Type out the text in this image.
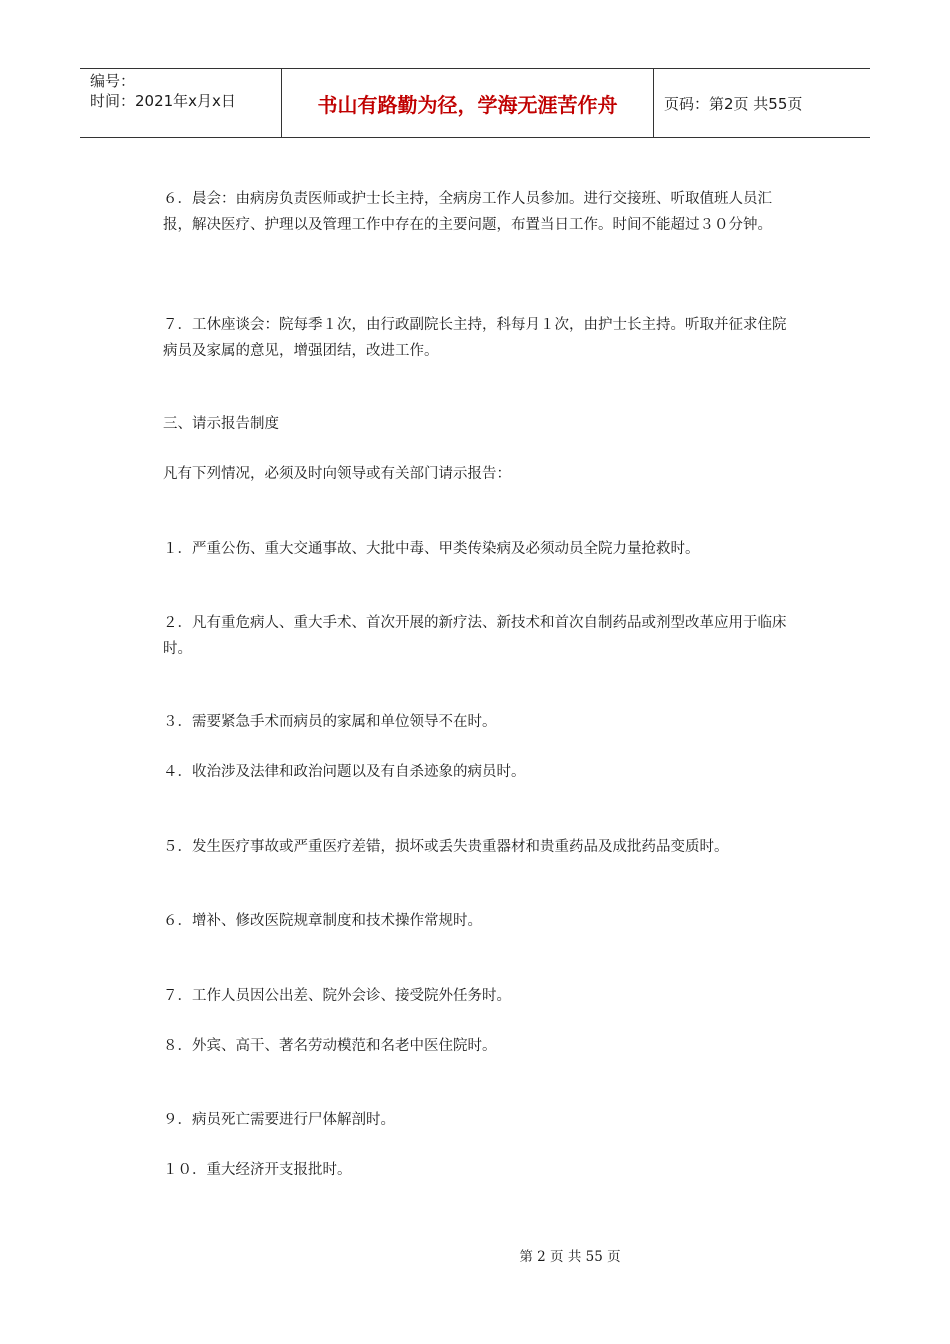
编号：
时间：2021年x月x日	书山有路勤为径，学海无涯苦作舟	页码：第2页 共55页

６．晨会：由病房负责医师或护士长主持，全病房工作人员参加。进行交接班、听取值班人员汇报，解决医疗、护理以及管理工作中存在的主要问题，布置当日工作。时间不能超过３０分钟。

７．工休座谈会：院每季１次，由行政副院长主持，科每月１次，由护士长主持。听取并征求住院病员及家属的意见，增强团结，改进工作。

三、请示报告制度

凡有下列情况，必须及时向领导或有关部门请示报告：

１．严重公伤、重大交通事故、大批中毒、甲类传染病及必须动员全院力量抢救时。

２．凡有重危病人、重大手术、首次开展的新疗法、新技术和首次自制药品或剂型改革应用于临床时。

３．需要紧急手术而病员的家属和单位领导不在时。

４．收治涉及法律和政治问题以及有自杀迹象的病员时。

５．发生医疗事故或严重医疗差错，损坏或丢失贵重器材和贵重药品及成批药品变质时。

６．增补、修改医院规章制度和技术操作常规时。

７．工作人员因公出差、院外会诊、接受院外任务时。

８．外宾、高干、著名劳动模范和名老中医住院时。

９．病员死亡需要进行尸体解剖时。

１０．重大经济开支报批时。

第 2 页 共 55 页
